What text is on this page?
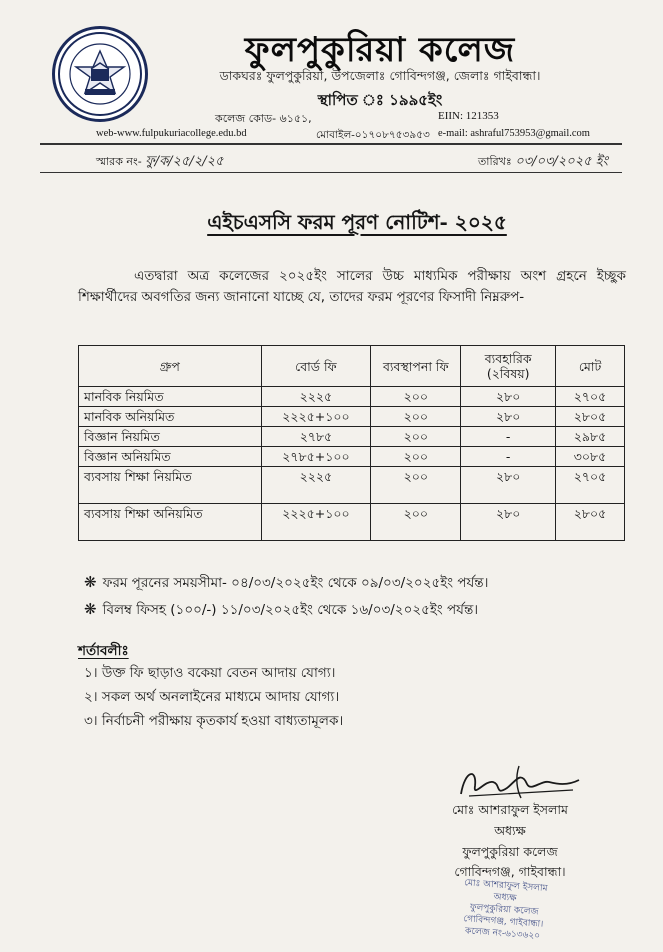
ফুলপুকুরিয়া কলেজ
ডাকঘরঃ ফুলপুকুরিয়া, উপজেলাঃ গোবিন্দগঞ্জ, জেলাঃ গাইবান্ধা।
স্থাপিত ঃ ১৯৯৫ইং
কলেজ কোড- ৬১৫১,	EIIN: 121353
web-www.fulpukuriacollege.edu.bd	মোবাইল-০১৭০৮৭৫৩৯৫৩ e-mail: ashraful753953@gmail.com
স্মারক নং- ফু/ক/২৫/২/২৫	তারিখঃ ০৩/০৩/২০২৫ ইং
এইচএসসি ফরম পূরণ নোটিশ- ২০২৫
এতদ্বারা অত্র কলেজের ২০২৫ইং সালের উচ্চ মাধ্যমিক পরীক্ষায় অংশ গ্রহনে ইচ্ছুক শিক্ষার্থীদের অবগতির জন্য জানানো যাচ্ছে যে, তাদের ফরম পূরণের ফিসাদী নিম্নরুপ-
গ্রুপ	বোর্ড ফি	ব্যবস্থাপনা ফি	ব্যবহারিক (২বিষয়)	মোট
মানবিক নিয়মিত	২২২৫	২০০	২৮০	২৭০৫
মানবিক অনিয়মিত	২২২৫+১০০	২০০	২৮০	২৮০৫
বিজ্ঞান নিয়মিত	২৭৮৫	২০০	-	২৯৮৫
বিজ্ঞান অনিয়মিত	২৭৮৫+১০০	২০০	-	৩০৮৫
ব্যবসায় শিক্ষা নিয়মিত	২২২৫	২০০	২৮০	২৭০৫
ব্যবসায় শিক্ষা অনিয়মিত	২২২৫+১০০	২০০	২৮০	২৮০৫
❋ ফরম পূরনের সময়সীমা- ০৪/০৩/২০২৫ইং থেকে ০৯/০৩/২০২৫ইং পর্যন্ত।
❋ বিলম্ব ফিসহ (১০০/-) ১১/০৩/২০২৫ইং থেকে ১৬/০৩/২০২৫ইং পর্যন্ত।
শর্তাবলীঃ
১। উক্ত ফি ছাড়াও বকেয়া বেতন আদায় যোগ্য।
২। সকল অর্থ অনলাইনের মাধ্যমে আদায় যোগ্য।
৩। নির্বাচনী পরীক্ষায় কৃতকার্য হওয়া বাধ্যতামূলক।
মোঃ আশরাফুল ইসলাম
অধ্যক্ষ
ফুলপুকুরিয়া কলেজ
গোবিন্দগঞ্জ, গাইবান্ধা।
মোঃ আশরাফুল ইসলাম
অধ্যক্ষ
ফুলপুকুরিয়া কলেজ
গোবিন্দগঞ্জ, গাইবান্ধা।
কলেজ নং-৬১৩৬২০
